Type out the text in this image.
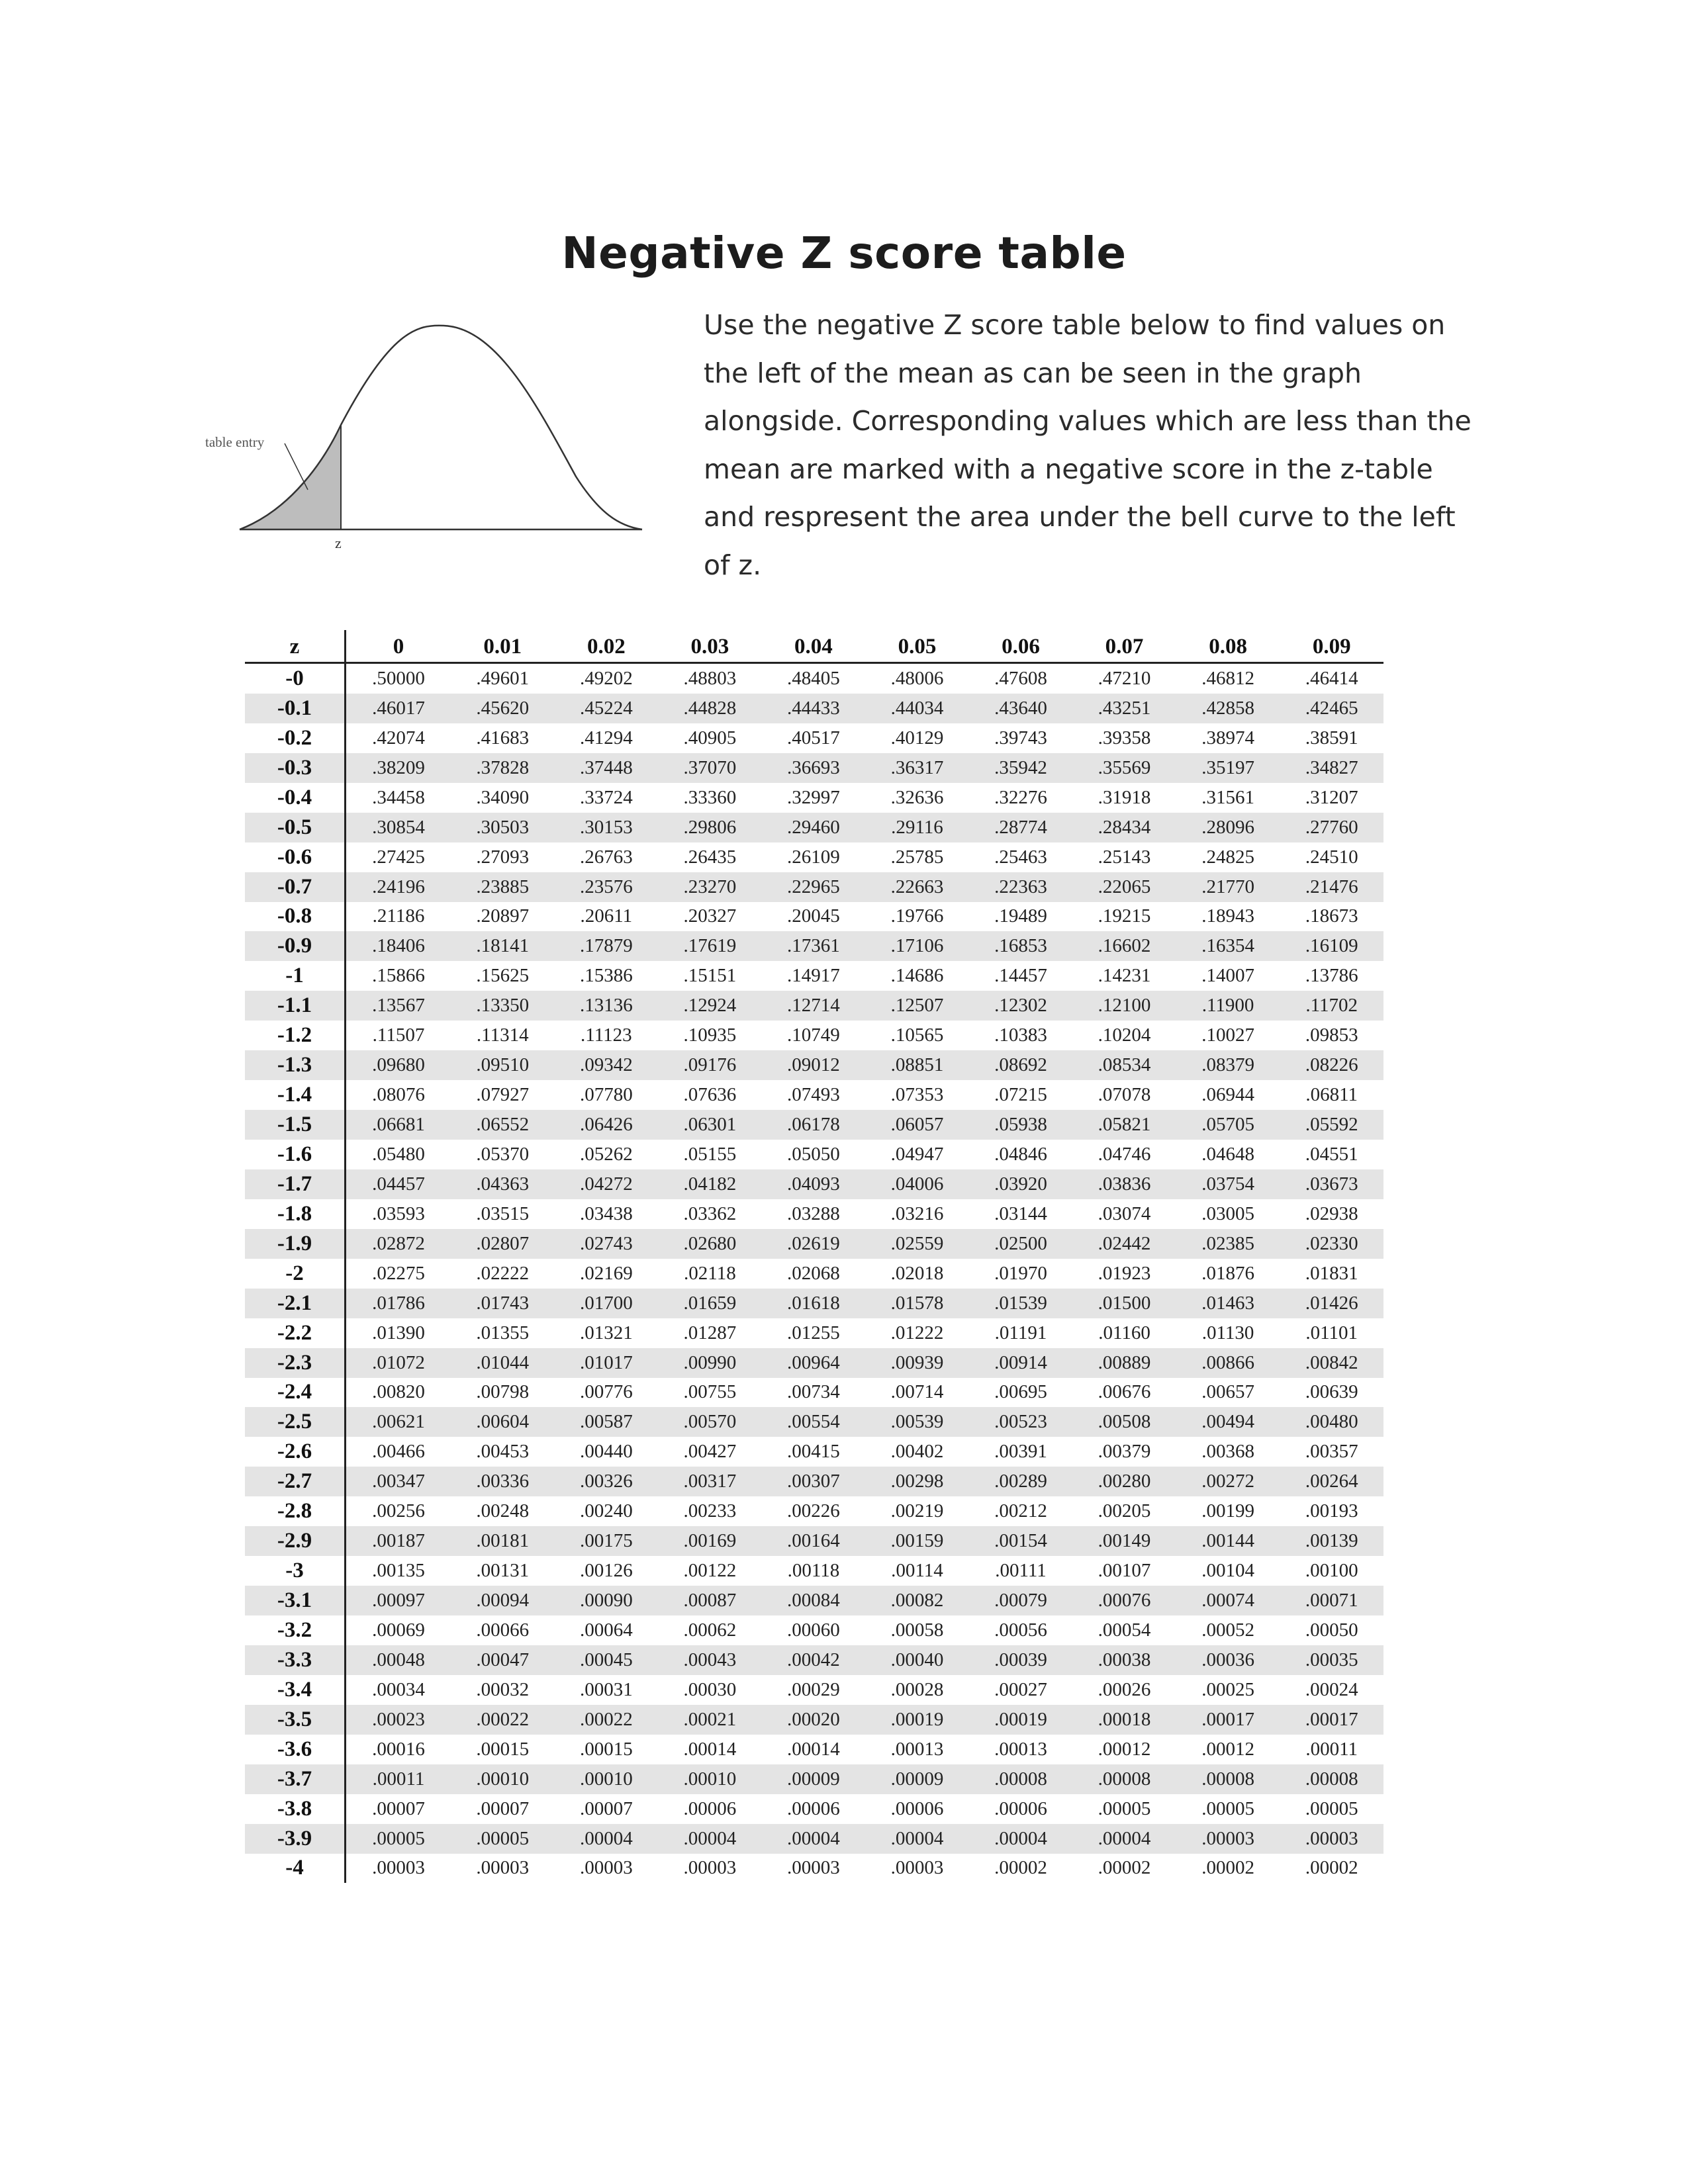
Negative Z score table
table entry
z

Use the negative Z score table below to find values on the left of the mean as can be seen in the graph alongside. Corresponding values which are less than the mean are marked with a negative score in the z-table and respresent the area under the bell curve to the left of z.

z	0	0.01	0.02	0.03	0.04	0.05	0.06	0.07	0.08	0.09
-0	.50000	.49601	.49202	.48803	.48405	.48006	.47608	.47210	.46812	.46414
-0.1	.46017	.45620	.45224	.44828	.44433	.44034	.43640	.43251	.42858	.42465
-0.2	.42074	.41683	.41294	.40905	.40517	.40129	.39743	.39358	.38974	.38591
-0.3	.38209	.37828	.37448	.37070	.36693	.36317	.35942	.35569	.35197	.34827
-0.4	.34458	.34090	.33724	.33360	.32997	.32636	.32276	.31918	.31561	.31207
-0.5	.30854	.30503	.30153	.29806	.29460	.29116	.28774	.28434	.28096	.27760
-0.6	.27425	.27093	.26763	.26435	.26109	.25785	.25463	.25143	.24825	.24510
-0.7	.24196	.23885	.23576	.23270	.22965	.22663	.22363	.22065	.21770	.21476
-0.8	.21186	.20897	.20611	.20327	.20045	.19766	.19489	.19215	.18943	.18673
-0.9	.18406	.18141	.17879	.17619	.17361	.17106	.16853	.16602	.16354	.16109
-1	.15866	.15625	.15386	.15151	.14917	.14686	.14457	.14231	.14007	.13786
-1.1	.13567	.13350	.13136	.12924	.12714	.12507	.12302	.12100	.11900	.11702
-1.2	.11507	.11314	.11123	.10935	.10749	.10565	.10383	.10204	.10027	.09853
-1.3	.09680	.09510	.09342	.09176	.09012	.08851	.08692	.08534	.08379	.08226
-1.4	.08076	.07927	.07780	.07636	.07493	.07353	.07215	.07078	.06944	.06811
-1.5	.06681	.06552	.06426	.06301	.06178	.06057	.05938	.05821	.05705	.05592
-1.6	.05480	.05370	.05262	.05155	.05050	.04947	.04846	.04746	.04648	.04551
-1.7	.04457	.04363	.04272	.04182	.04093	.04006	.03920	.03836	.03754	.03673
-1.8	.03593	.03515	.03438	.03362	.03288	.03216	.03144	.03074	.03005	.02938
-1.9	.02872	.02807	.02743	.02680	.02619	.02559	.02500	.02442	.02385	.02330
-2	.02275	.02222	.02169	.02118	.02068	.02018	.01970	.01923	.01876	.01831
-2.1	.01786	.01743	.01700	.01659	.01618	.01578	.01539	.01500	.01463	.01426
-2.2	.01390	.01355	.01321	.01287	.01255	.01222	.01191	.01160	.01130	.01101
-2.3	.01072	.01044	.01017	.00990	.00964	.00939	.00914	.00889	.00866	.00842
-2.4	.00820	.00798	.00776	.00755	.00734	.00714	.00695	.00676	.00657	.00639
-2.5	.00621	.00604	.00587	.00570	.00554	.00539	.00523	.00508	.00494	.00480
-2.6	.00466	.00453	.00440	.00427	.00415	.00402	.00391	.00379	.00368	.00357
-2.7	.00347	.00336	.00326	.00317	.00307	.00298	.00289	.00280	.00272	.00264
-2.8	.00256	.00248	.00240	.00233	.00226	.00219	.00212	.00205	.00199	.00193
-2.9	.00187	.00181	.00175	.00169	.00164	.00159	.00154	.00149	.00144	.00139
-3	.00135	.00131	.00126	.00122	.00118	.00114	.00111	.00107	.00104	.00100
-3.1	.00097	.00094	.00090	.00087	.00084	.00082	.00079	.00076	.00074	.00071
-3.2	.00069	.00066	.00064	.00062	.00060	.00058	.00056	.00054	.00052	.00050
-3.3	.00048	.00047	.00045	.00043	.00042	.00040	.00039	.00038	.00036	.00035
-3.4	.00034	.00032	.00031	.00030	.00029	.00028	.00027	.00026	.00025	.00024
-3.5	.00023	.00022	.00022	.00021	.00020	.00019	.00019	.00018	.00017	.00017
-3.6	.00016	.00015	.00015	.00014	.00014	.00013	.00013	.00012	.00012	.00011
-3.7	.00011	.00010	.00010	.00010	.00009	.00009	.00008	.00008	.00008	.00008
-3.8	.00007	.00007	.00007	.00006	.00006	.00006	.00006	.00005	.00005	.00005
-3.9	.00005	.00005	.00004	.00004	.00004	.00004	.00004	.00004	.00003	.00003
-4	.00003	.00003	.00003	.00003	.00003	.00003	.00002	.00002	.00002	.00002
